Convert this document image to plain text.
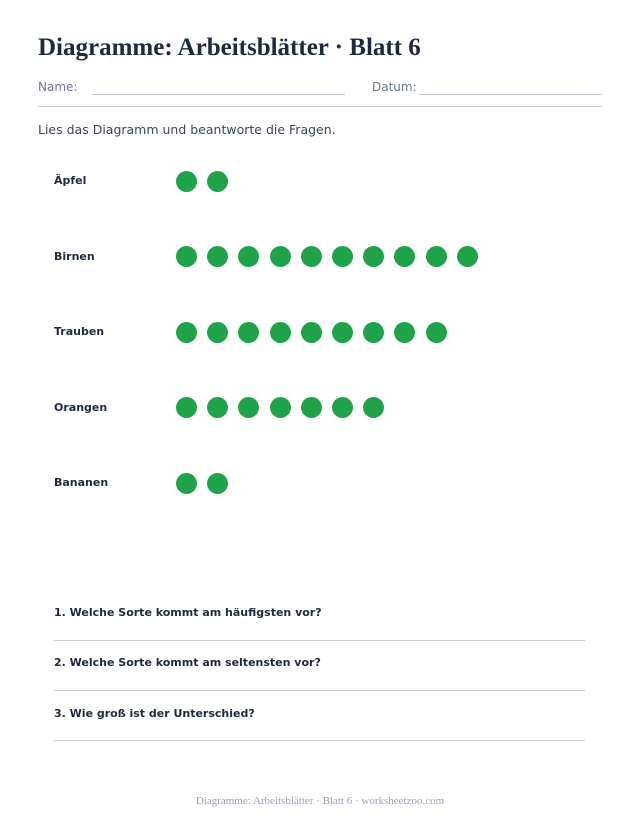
Diagramme: Arbeitsblätter · Blatt 6
Name:	Datum:
Lies das Diagramm und beantworte die Fragen.
Äpfel
Birnen
Trauben
Orangen
Bananen
1. Welche Sorte kommt am häufigsten vor?
2. Welche Sorte kommt am seltensten vor?
3. Wie groß ist der Unterschied?
Diagramme: Arbeitsblätter · Blatt 6 · worksheetzoo.com
